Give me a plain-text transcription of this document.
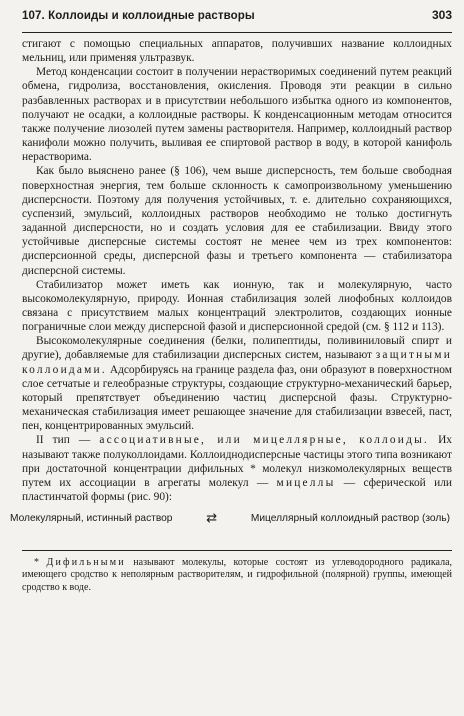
107. Коллоиды и коллоидные растворы	303

стигают с помощью специальных аппаратов, получивших название коллоидных мельниц, или применяя ультразвук.

Метод конденсации состоит в получении нерастворимых соединений путем реакций обмена, гидролиза, восстановления, окисления. Проводя эти реакции в сильно разбавленных растворах и в присутствии небольшого избытка одного из компонентов, получают не осадки, а коллоидные растворы. К конденсационным методам относится также получение лиозолей путем замены растворителя. Например, коллоидный раствор канифоли можно получить, выливая ее спиртовой раствор в воду, в которой канифоль нерастворима.

Как было выяснено ранее (§ 106), чем выше дисперсность, тем больше свободная поверхностная энергия, тем больше склонность к самопроизвольному уменьшению дисперсности. Поэтому для получения устойчивых, т. е. длительно сохраняющихся, суспензий, эмульсий, коллоидных растворов необходимо не только достигнуть заданной дисперсности, но и создать условия для ее стабилизации. Ввиду этого устойчивые дисперсные системы состоят не менее чем из трех компонентов: дисперсионной среды, дисперсной фазы и третьего компонента — стабилизатора дисперсной системы.

Стабилизатор может иметь как ионную, так и молекулярную, часто высокомолекулярную, природу. Ионная стабилизация золей лиофобных коллоидов связана с присутствием малых концентраций электролитов, создающих ионные пограничные слои между дисперсной фазой и дисперсионной средой (см. § 112 и 113).

Высокомолекулярные соединения (белки, полипептиды, поливиниловый спирт и другие), добавляемые для стабилизации дисперсных систем, называют защитными коллоидами. Адсорбируясь на границе раздела фаз, они образуют в поверхностном слое сетчатые и гелеобразные структуры, создающие структурно-механический барьер, который препятствует объединению частиц дисперсной фазы. Структурно-механическая стабилизация имеет решающее значение для стабилизации взвесей, паст, пен, концентрированных эмульсий.

II тип — ассоциативные, или мицеллярные, коллоиды. Их называют также полуколлоидами. Коллоиднодисперсные частицы этого типа возникают при достаточной концентрации дифильных * молекул низкомолекулярных веществ путем их ассоциации в агрегаты молекул — мицеллы — сферической или пластинчатой формы (рис. 90):

Молекулярный, истинный раствор	⇄	Мицеллярный коллоидный раствор (золь)
* Дифильными называют молекулы, которые состоят из углеводородного радикала, имеющего сродство к неполярным растворителям, и гидрофильной (полярной) группы, имеющей сродство к воде.
